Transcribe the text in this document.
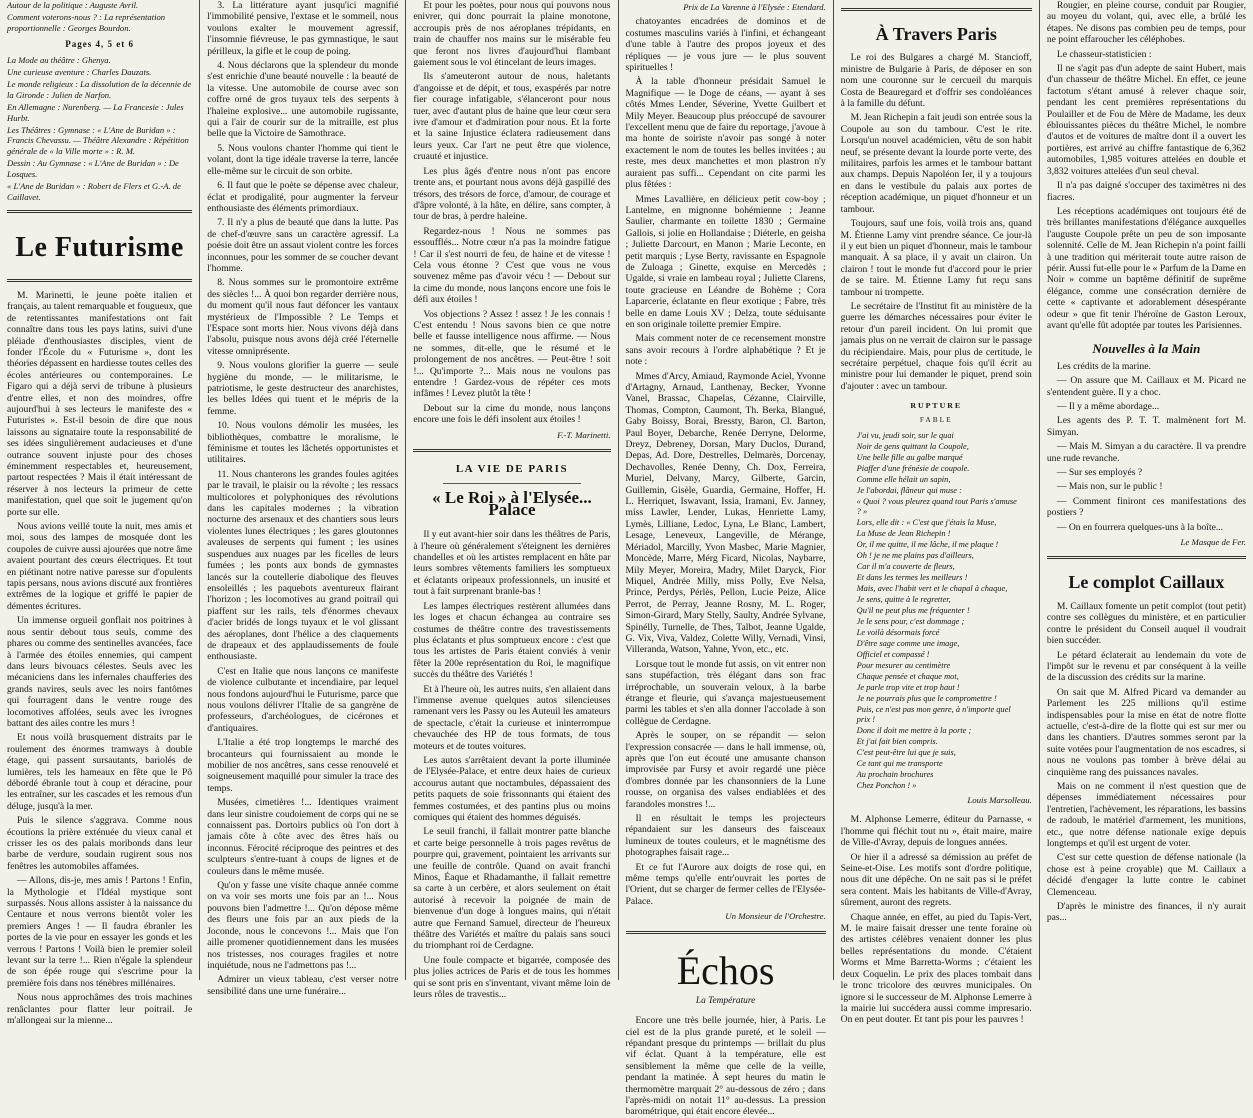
Autour de la politique : Auguste Avril.

Comment voterons-nous ? : La représentation proportionnelle : Georges Bourdon.

Pages 4, 5 et 6

La Mode au théâtre : Ghenya.

Une curieuse aventure : Charles Dauzats.

Le monde religieux : La dissolution de la décennie de la Gironde : Julien de Narfon.

En Allemagne : Nurenberg. — La Francesie : Jules Hurbt.

Les Théâtres : Gymnase : « L'Ane de Buridan » : Francis Chevassu. — Théâtre Alexandre : Répétition générale de « la Ville morte » : R. M.

Dessin : Au Gymnase : « L'Ane de Buridan » : De Losques.

« L'Ane de Buridan » : Robert de Flers et G.-A. de Caillavet.

Le Futurisme

M. Marinetti, le jeune poète italien et français, au talent remarquable et fougueux, que de retentissantes manifestations ont fait connaître dans tous les pays latins, suivi d'une pléiade d'enthousiastes disciples, vient de fonder l'École du « Futurisme », dont les théories dépassent en hardiesse toutes celles des écoles antérieures ou contemporaines. Le Figaro qui a déjà servi de tribune à plusieurs d'entre elles, et non des moindres, offre aujourd'hui à ses lecteurs le manifeste des « Futuristes ». Est-il besoin de dire que nous laissons au signataire toute la responsabilité de ses idées singulièrement audacieuses et d'une outrance souvent injuste pour des choses éminemment respectables et, heureusement, partout respectées ? Mais il était intéressant de réserver à nos lecteurs la primeur de cette manifestation, quel que soit le jugement qu'on porte sur elle.

Nous avions veillé toute la nuit, mes amis et moi, sous des lampes de mosquée dont les coupoles de cuivre aussi ajourées que notre âme avaient pourtant des cœurs électriques. Et tout en piétinant notre native paresse sur d'opulents tapis persans, nous avions discuté aux frontières extrêmes de la logique et griffé le papier de démentes écritures.

Un immense orgueil gonflait nos poitrines à nous sentir debout tous seuls, comme des phares ou comme des sentinelles avancées, face à l'armée des étoiles ennemies, qui campent dans leurs bivouacs célestes. Seuls avec les mécaniciens dans les infernales chaufferies des grands navires, seuls avec les noirs fantômes qui fourragent dans le ventre rouge des locomotives affolées, seuls avec les ivrognes battant des ailes contre les murs !

Et nous voilà brusquement distraits par le roulement des énormes tramways à double étage, qui passent sursautants, bariolés de lumières, tels les hameaux en fête que le Pô débordé ébranle tout à coup et déracine, pour les entraîner, sur les cascades et les remous d'un déluge, jusqu'à la mer.

Puis le silence s'aggrava. Comme nous écoutions la prière exténuée du vieux canal et crisser les os des palais moribonds dans leur barbe de verdure, soudain rugirent sous nos fenêtres les automobiles affamées.

— Allons, dis-je, mes amis ! Partons ! Enfin, la Mythologie et l'Idéal mystique sont surpassés. Nous allons assister à la naissance du Centaure et nous verrons bientôt voler les premiers Anges ! — Il faudra ébranler les portes de la vie pour en essayer les gonds et les verrous ! Partons ! Voilà bien le premier soleil levant sur la terre !... Rien n'égale la splendeur de son épée rouge qui s'escrime pour la première fois dans nos ténèbres millénaires.

Nous nous approchâmes des trois machines renâclantes pour flatter leur poitrail. Je m'allongeai sur la mienne...

3. La littérature ayant jusqu'ici magnifié l'immobilité pensive, l'extase et le sommeil, nous voulons exalter le mouvement agressif, l'insomnie fiévreuse, le pas gymnastique, le saut périlleux, la gifle et le coup de poing.

4. Nous déclarons que la splendeur du monde s'est enrichie d'une beauté nouvelle : la beauté de la vitesse. Une automobile de course avec son coffre orné de gros tuyaux tels des serpents à l'haleine explosive... une automobile rugissante, qui a l'air de courir sur de la mitraille, est plus belle que la Victoire de Samothrace.

5. Nous voulons chanter l'homme qui tient le volant, dont la tige idéale traverse la terre, lancée elle-même sur le circuit de son orbite.

6. Il faut que le poète se dépense avec chaleur, éclat et prodigalité, pour augmenter la ferveur enthousiaste des éléments primordiaux.

7. Il n'y a plus de beauté que dans la lutte. Pas de chef-d'œuvre sans un caractère agressif. La poésie doit être un assaut violent contre les forces inconnues, pour les sommer de se coucher devant l'homme.

8. Nous sommes sur le promontoire extrême des siècles !... À quoi bon regarder derrière nous, du moment qu'il nous faut défoncer les vantaux mystérieux de l'Impossible ? Le Temps et l'Espace sont morts hier. Nous vivons déjà dans l'absolu, puisque nous avons déjà créé l'éternelle vitesse omniprésente.

9. Nous voulons glorifier la guerre — seule hygiène du monde, — le militarisme, le patriotisme, le geste destructeur des anarchistes, les belles Idées qui tuent et le mépris de la femme.

10. Nous voulons démolir les musées, les bibliothèques, combattre le moralisme, le féminisme et toutes les lâchetés opportunistes et utilitaires.

11. Nous chanterons les grandes foules agitées par le travail, le plaisir ou la révolte ; les ressacs multicolores et polyphoniques des révolutions dans les capitales modernes ; la vibration nocturne des arsenaux et des chantiers sous leurs violentes lunes électriques ; les gares gloutonnes avaleuses de serpents qui fument ; les usines suspendues aux nuages par les ficelles de leurs fumées ; les ponts aux bonds de gymnastes lancés sur la coutellerie diabolique des fleuves ensoleillés ; les paquebots aventureux flairant l'horizon ; les locomotives au grand poitrail qui piaffent sur les rails, tels d'énormes chevaux d'acier bridés de longs tuyaux et le vol glissant des aéroplanes, dont l'hélice a des claquements de drapeaux et des applaudissements de foule enthousiaste.

C'est en Italie que nous lançons ce manifeste de violence culbutante et incendiaire, par lequel nous fondons aujourd'hui le Futurisme, parce que nous voulons délivrer l'Italie de sa gangrène de professeurs, d'archéologues, de cicérones et d'antiquaires.

L'Italie a été trop longtemps le marché des brocanteurs qui fournissaient au monde le mobilier de nos ancêtres, sans cesse renouvelé et soigneusement maquillé pour simuler la trace des temps.

Musées, cimetières !... Identiques vraiment dans leur sinistre coudoiement de corps qui ne se connaissent pas. Dortoirs publics où l'on dort à jamais côte à côte avec des êtres haïs ou inconnus. Férocité réciproque des peintres et des sculpteurs s'entre-tuant à coups de lignes et de couleurs dans le même musée.

Qu'on y fasse une visite chaque année comme on va voir ses morts une fois par an !... Nous pouvons bien l'admettre !... Qu'on dépose même des fleurs une fois par an aux pieds de la Joconde, nous le concevons !... Mais que l'on aille promener quotidiennement dans les musées nos tristesses, nos courages fragiles et notre inquiétude, nous ne l'admettons pas !...

Admirer un vieux tableau, c'est verser notre sensibilité dans une urne funéraire...

Et pour les poètes, pour nous qui pouvons nous enivrer, qui donc pourrait la plaine monotone, accroupis près de nos aéroplanes trépidants, en train de chauffer nos mains sur le misérable feu que feront nos livres d'aujourd'hui flambant gaiement sous le vol étincelant de leurs images.

Ils s'ameuteront autour de nous, haletants d'angoisse et de dépit, et tous, exaspérés par notre fier courage infatigable, s'élanceront pour nous tuer, avec d'autant plus de haine que leur cœur sera ivre d'amour et d'admiration pour nous. Et la forte et la saine Injustice éclatera radieusement dans leurs yeux. Car l'art ne peut être que violence, cruauté et injustice.

Les plus âgés d'entre nous n'ont pas encore trente ans, et pourtant nous avons déjà gaspillé des trésors, des trésors de force, d'amour, de courage et d'âpre volonté, à la hâte, en délire, sans compter, à tour de bras, à perdre haleine.

Regardez-nous ! Nous ne sommes pas essoufflés... Notre cœur n'a pas la moindre fatigue ! Car il s'est nourri de feu, de haine et de vitesse ! Cela vous étonne ? C'est que vous ne vous souvenez même pas d'avoir vécu ! — Debout sur la cime du monde, nous lançons encore une fois le défi aux étoiles !

Vos objections ? Assez ! assez ! Je les connais ! C'est entendu ! Nous savons bien ce que notre belle et fausse intelligence nous affirme. — Nous ne sommes, dit-elle, que le résumé et le prolongement de nos ancêtres. — Peut-être ! soit !... Qu'importe ?... Mais nous ne voulons pas entendre ! Gardez-vous de répéter ces mots infâmes ! Levez plutôt la tête !

Debout sur la cime du monde, nous lançons encore une fois le défi insolent aux étoiles !

F.-T. Marinetti.
LA VIE DE PARIS
« Le Roi » à l'Elysée... Palace

Il y eut avant-hier soir dans les théâtres de Paris, à l'heure où généralement s'éteignent les dernières chandelles et où les artistes remplacent en hâte par leurs sombres vêtements familiers les somptueux et éclatants oripeaux professionnels, un inusité et tout à fait surprenant branle-bas !

Les lampes électriques restèrent allumées dans les loges et chacun échangea au contraire ses costumes de théâtre contre des travestissements plus éclatants et plus somptueux encore : c'est que tous les artistes de Paris étaient conviés à venir fêter la 200e représentation du Roi, le magnifique succès du théâtre des Variétés !

Et à l'heure où, les autres nuits, s'en allaient dans l'immense avenue quelques autos silencieuses ramenant vers les Passy ou les Auteuil les amateurs de spectacle, c'était la curieuse et ininterrompue chevauchée des HP de tous formats, de tous moteurs et de toutes voitures.

Les autos s'arrêtaient devant la porte illuminée de l'Elysée-Palace, et entre deux haies de curieux accourus autant que noctambules, dépassaient des petits paquets de soie frissonnants qui étaient des femmes costumées, et des pantins plus ou moins comiques qui étaient des hommes déguisés.

Le seuil franchi, il fallait montrer patte blanche et carte beige personnelle à trois pages revêtus de pourpre qui, gravement, pointaient les arrivants sur une feuille de contrôle. Quand on avait franchi Minos, Éaque et Rhadamanthe, il fallait remettre sa carte à un cerbère, et alors seulement on était autorisé à recevoir la poignée de main de bienvenue d'un doge à longues mains, qui n'était autre que Fernand Samuel, directeur de l'heureux théâtre des Variétés et maître du palais sans souci du triomphant roi de Cerdagne.

Une foule compacte et bigarrée, composée des plus jolies actrices de Paris et de tous les hommes qui se sont pris en s'inventant, vivant même loin de leurs rôles de travestis...

Prix de La Varenne à l'Elysée : Etendard.

chatoyantes encadrées de dominos et de costumes masculins variés à l'infini, et échangeant d'une table à l'autre des propos joyeux et des répliques — je vous jure — le plus souvent spirituelles !

À la table d'honneur présidait Samuel le Magnifique — le Doge de céans, — ayant à ses côtés Mmes Lender, Séverine, Yvette Guilbert et Mily Meyer. Beaucoup plus préoccupé de savourer l'excellent menu que de faire du reportage, j'avoue à ma honte de soiriste n'avoir pas songé à noter exactement le nom de toutes les belles invitées ; au reste, mes deux manchettes et mon plastron n'y auraient pas suffi... Cependant on cite parmi les plus fêtées :

Mmes Lavallière, en délicieux petit cow-boy ; Lantelme, en mignonne bohémienne ; Jeanne Saulier, charmante en toilette 1830 ; Germaine Gallois, si jolie en Hollandaise ; Diéterle, en geisha ; Juliette Darcourt, en Manon ; Marie Leconte, en petit marquis ; Lyse Berty, ravissante en Espagnole de Zuloaga ; Ginette, exquise en Mercedès ; Ugalde, si vraie en lambeau royal ; Juliette Clarens, toute gracieuse en Léandre de Bohème ; Cora Laparcerie, éclatante en fleur exotique ; Fabre, très belle en dame Louis XV ; Delza, toute séduisante en son originale toilette premier Empire.

Mais comment noter de ce recensement monstre sans avoir recours à l'ordre alphabétique ? Et je note :

Mmes d'Arcy, Amiaud, Raymonde Aciel, Yvonne d'Artagny, Arnaud, Lanthenay, Becker, Yvonne Vanel, Brassac, Chapelas, Cézanne, Clairville, Thomas, Compton, Caumont, Th. Berka, Blangué, Gaby Boissy, Borai, Bressty, Baron, Cl. Barton, Paul Boyer, Debarche, Renée Derryne, Delorme, Dreyz, Debreney, Dorsan, Mary Duclos, Durand, Depas, Ad. Dore, Destrelles, Delmarès, Dorcenay, Dechavolles, Renée Denny, Ch. Dox, Ferreira, Muriel, Delvany, Marcy, Gilberte, Garcin, Guillemin, Gisèle, Guardia, Germaine, Hoffer, H. L. Herriquet, Iswavant, Issia, Iramani, Ev. Janney, miss Lawler, Lender, Lukas, Henriette Lamy, Lymès, Lilliane, Ledoc, Lyna, Le Blanc, Lambert, Lesage, Leneveux, Langeville, de Mérange, Mériadol, Marcilly, Yvon Masbec, Marie Magnier, Moncède, Marre, Mérg Ficard, Nicolas, Naybarre, Mily Meyer, Moreira, Madry, Milet Daryck, Fior Miquel, Andrée Milly, miss Polly, Eve Nelsa, Prince, Perdys, Pérlès, Pellon, Lucie Peize, Alice Perrot, de Perray, Jeanne Rosny, M. L. Roger, Simon-Girard, Mary Stelly, Saulty, Andrée Sylvane, Spinélly, Turnelle, de Thes, Talbot, Jeanne Ugalde, G. Vix, Viva, Valdez, Colette Willy, Vernadi, Vinsi, Villeranda, Watson, Yahne, Yvon, etc., etc.

Lorsque tout le monde fut assis, on vit entrer non sans stupéfaction, très élégant dans son frac irréprochable, un souverain veloux, à la barbe étrange et fleurie, qui s'avança majestueusement parmi les tables et s'en alla donner l'accolade à son collègue de Cerdagne.

Après le souper, on se répandit — selon l'expression consacrée — dans le hall immense, où, après que l'on eut écouté une amusante chanson improvisée par Fursy et avoir regardé une pièce d'ombres donnée par les chansonniers de la Lune rousse, on organisa des valses endiablées et des farandoles monstres !...

Il en résultait le temps les projecteurs répandaient sur les danseurs des faisceaux lumineux de toutes couleurs, et le magnétisme des photographes faisait rage...

Et ce fut l'Aurore aux doigts de rose qui, en même temps qu'elle entr'ouvrait les portes de l'Orient, dut se charger de fermer celles de l'Elysée-Palace.

Un Monsieur de l'Orchestre.
Échos
La Température

Encore une très belle journée, hier, à Paris. Le ciel est de la plus grande pureté, et le soleil — répandant presque du printemps — brillait du plus vif éclat. Quant à la température, elle est sensiblement la même que celle de la veille, pendant la matinée. À sept heures du matin le thermomètre marquait 2° au-dessous de zéro ; dans l'après-midi on notait 11° au-dessus. La pression barométrique, qui était encore élevée...

À Travers Paris

Le roi des Bulgares a chargé M. Stancioff, ministre de Bulgarie à Paris, de déposer en son nom une couronne sur le cercueil du marquis Costa de Beauregard et d'offrir ses condoléances à la famille du défunt.

M. Jean Richepin a fait jeudi son entrée sous la Coupole au son du tambour. C'est le rite. Lorsqu'un nouvel académicien, vêtu de son habit neuf, se présente devant la lourde porte verte, des militaires, parfois les armes et le tambour battant aux champs. Depuis Napoléon Ier, il y a toujours en dans le vestibule du palais aux portes de réception académique, un piquet d'honneur et un tambour.

Toujours, sauf une fois, voilà trois ans, quand M. Étienne Lamy vint prendre séance. Ce jour-là il y eut bien un piquet d'honneur, mais le tambour manquait. À sa place, il y avait un clairon. Un clairon ! tout le monde fut d'accord pour le prier de se taire. M. Étienne Lamy fut reçu sans tambour ni trompette.

Le secrétaire de l'Institut fit au ministère de la guerre les démarches nécessaires pour éviter le retour d'un pareil incident. On lui promit que jamais plus on ne verrait de clairon sur le passage du récipiendaire. Mais, pour plus de certitude, le secrétaire perpétuel, chaque fois qu'il écrit au ministre pour lui demander le piquet, prend soin d'ajouter : avec un tambour.

RUPTURE
FABLE

J'ai vu, jeudi soir, sur le quai

Noir de gens quittant la Coupole,

Une belle fille au galbe marqué

Piaffer d'une frénésie de coupole.

Comme elle hélait un sapin,

Je l'abordai, flâneur qui muse :

« Quoi ? vous pleurez quand tout Paris s'amuse ? »

Lors, elle dit : « C'est que j'étais la Muse,

La Muse de Jean Richepin !

Or, il me quitte, il me lâche, il me plaque !

Oh ! je ne me plains pas d'ailleurs,

Car il m'a couverte de fleurs,

Et dans les termes les meilleurs !

Mais, avec l'habit vert et le chapal à chaque,

Je sens, quitte à le regretter,

Qu'il ne peut plus me fréquenter !

Je le sens pour, c'est dommage ;

Le voilà désormais forcé

D'être sage comme une image,

Officiel et compassé !

Pour mesurer au centimètre

Chaque pensée et chaque mot,

Je parle trop vite et trop haut !

Je ne pourrais plus que le compromettre !

Puis, ce n'est pas mon genre, à n'importe quel prix !

Donc il doit me mettre à la porte ;

Et j'ai fait bien compris.

C'est peut-être lui que je suis,

Ce tant qui me transporte

Au prochain brochures

Chez Ponchon ! »

Louis Marsolleau.

M. Alphonse Lemerre, éditeur du Parnasse, « l'homme qui fléchit tout nu », était maire, maire de Ville-d'Avray, depuis de longues années.

Or hier il a adressé sa démission au préfet de Seine-et-Oise. Les motifs sont d'ordre politique, nous dit une dépêche. On ne sait pas si le préfet sera content. Mais les habitants de Ville-d'Avray, sûrement, auront des regrets.

Chaque année, en effet, au pied du Tapis-Vert, M. le maire faisait dresser une tente foraine où des artistes célèbres venaient donner les plus belles représentations du monde. C'étaient Worms et Mme Barretta-Worms ; c'étaient les deux Coquelin. Le prix des places tombait dans le tronc tricolore des œuvres municipales. On ignore si le successeur de M. Alphonse Lemerre à la mairie lui succédera aussi comme impresario. On en peut douter. Et tant pis pour les pauvres !

Rougier, en pleine course, conduit par Rougier, au moyeu du volant, qui, avec elle, a brûlé les étapes. Ne disons pas combien peu de temps, pour ne point effaroucher les céléphobes.

Le chasseur-statisticien :

Il ne s'agit pas d'un adepte de saint Hubert, mais d'un chasseur de théâtre Michel. En effet, ce jeune factotum s'étant amusé à relever chaque soir, pendant les cent premières représentations du Poulailler et de Fou de Mère de Madame, les deux éblouissantes pièces du théâtre Michel, le nombre d'autos et de voitures de maître dont il a ouvert les portières, est arrivé au chiffre fantastique de 6,362 automobiles, 1,985 voitures attelées en double et 3,832 voitures attelées d'un seul cheval.

Il n'a pas daigné s'occuper des taximètres ni des fiacres.

Les réceptions académiques ont toujours été de très brillantes manifestations d'élégance auxquelles l'auguste Coupole prête un peu de son imposante solennité. Celle de M. Jean Richepin n'a point failli à une tradition qui mériterait toute autre raison de périr. Aussi fut-elle pour le « Parfum de la Dame en Noir » comme un baptême définitif de suprême élégance, comme une consécration dernière de cette « captivante et adorablement désespérante odeur » que fit tenir l'héroïne de Gaston Leroux, avant qu'elle fût adoptée par toutes les Parisiennes.

Nouvelles à la Main

Les crédits de la marine.

— On assure que M. Caillaux et M. Picard ne s'entendent guère. Il y a choc.

— Il y a même abordage...

Les agents des P. T. T. malmènent fort M. Simyan.

— Mais M. Simyan a du caractère. Il va prendre une rude revanche.

— Sur ses employés ?

— Mais non, sur le public !

— Comment finiront ces manifestations des postiers ?

— On en fourrera quelques-uns à la boîte...

Le Masque de Fer.
Le complot Caillaux

M. Caillaux fomente un petit complot (tout petit) contre ses collègues du ministère, et en particulier contre le président du Conseil auquel il voudrait bien succéder.

Le pétard éclaterait au lendemain du vote de l'impôt sur le revenu et par conséquent à la veille de la discussion des crédits sur la marine.

On sait que M. Alfred Picard va demander au Parlement les 225 millions qu'il estime indispensables pour la mise en état de notre flotte actuelle, c'est-à-dire de la flotte qui est sur mer ou dans les chantiers. D'autres sommes seront par la suite votées pour l'augmentation de nos escadres, si nous ne voulons pas tomber à brève délai au cinquième rang des puissances navales.

Mais on ne comment il n'est question que de dépenses immédiatement nécessaires pour l'entretien, l'achèvement, les réparations, les bassins de radoub, le matériel d'armement, les munitions, etc., que notre défense nationale exige depuis longtemps et qu'il est urgent de voter.

C'est sur cette question de défense nationale (la chose est à peine croyable) que M. Caillaux a décidé d'engager la lutte contre le cabinet Clemenceau.

D'après le ministre des finances, il n'y aurait pas...
